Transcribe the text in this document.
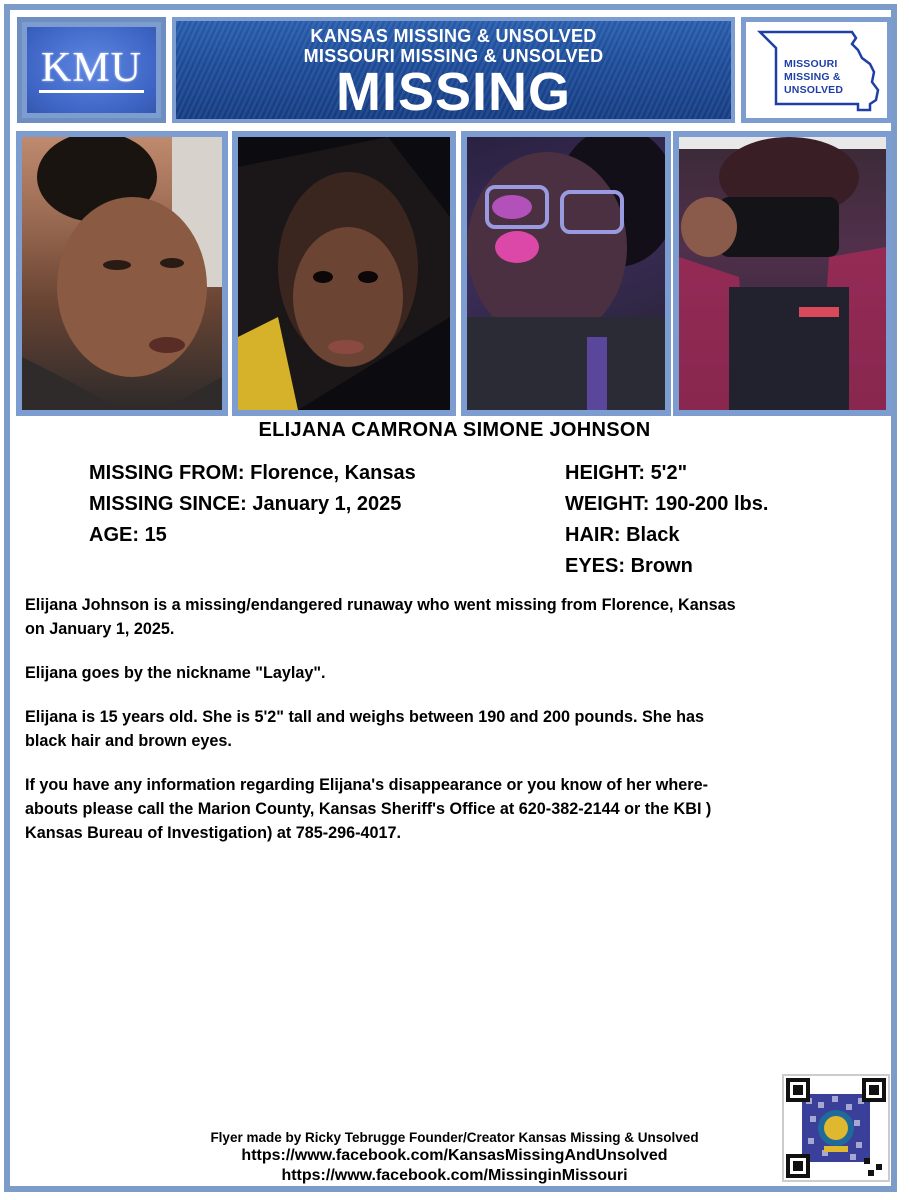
KMU
KANSAS MISSING & UNSOLVED
MISSOURI MISSING & UNSOLVED
MISSING	MISSOURI
MISSING &
UNSOLVED
ELIJANA CAMRONA SIMONE JOHNSON
MISSING FROM: Florence, Kansas
MISSING SINCE: January 1, 2025
AGE: 15
HEIGHT: 5'2"
WEIGHT: 190-200 lbs.
HAIR: Black
EYES: Brown

Elijana Johnson is a missing/endangered runaway who went missing from Florence, Kansas
on January 1, 2025.

Elijana goes by the nickname "Laylay".

Elijana is 15 years old. She is 5'2" tall and weighs between 190 and 200 pounds. She has
black hair and brown eyes.

If you have any information regarding Elijana's disappearance or you know of her where-
abouts please call the Marion County, Kansas Sheriff's Office at 620-382-2144 or the KBI )
Kansas Bureau of Investigation) at 785-296-4017.

Flyer made by Ricky Tebrugge Founder/Creator Kansas Missing & Unsolved
https://www.facebook.com/KansasMissingAndUnsolved
https://www.facebook.com/MissinginMissouri
